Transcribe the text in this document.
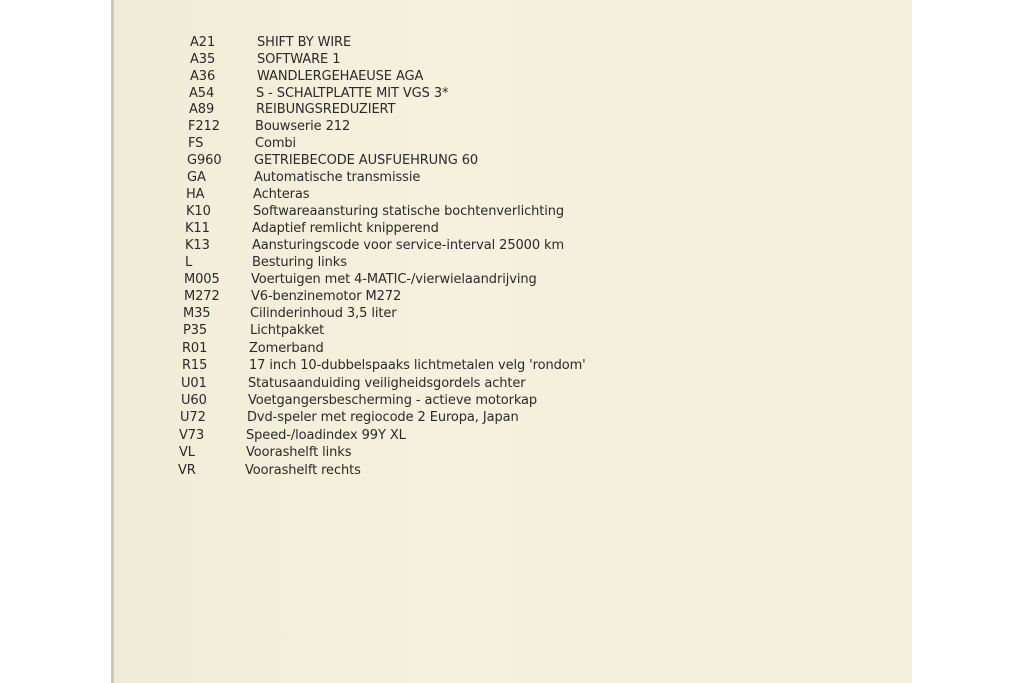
A21	SHIFT BY WIRE
A35	SOFTWARE 1
A36	WANDLERGEHAEUSE AGA
A54	S - SCHALTPLATTE MIT VGS 3*
A89	REIBUNGSREDUZIERT
F212	Bouwserie 212
FS	Combi
G960	GETRIEBECODE AUSFUEHRUNG 60
GA	Automatische transmissie
HA	Achteras
K10	Softwareaansturing statische bochtenverlichting
K11	Adaptief remlicht knipperend
K13	Aansturingscode voor service-interval 25000 km
L	Besturing links
M005 Voertuigen met 4-MATIC-/vierwielaandrijving
M272 V6-benzinemotor M272
M35	Cilinderinhoud 3,5 liter
P35	Lichtpakket
R01	Zomerband
R15	17 inch 10-dubbelspaaks lichtmetalen velg 'rondom'
U01	Statusaanduiding veiligheidsgordels achter
U60	Voetgangersbescherming - actieve motorkap
U72	Dvd-speler met regiocode 2 Europa, Japan
V73	Speed-/loadindex 99Y XL
VL	Voorashelft links
VR	Voorashelft rechts
